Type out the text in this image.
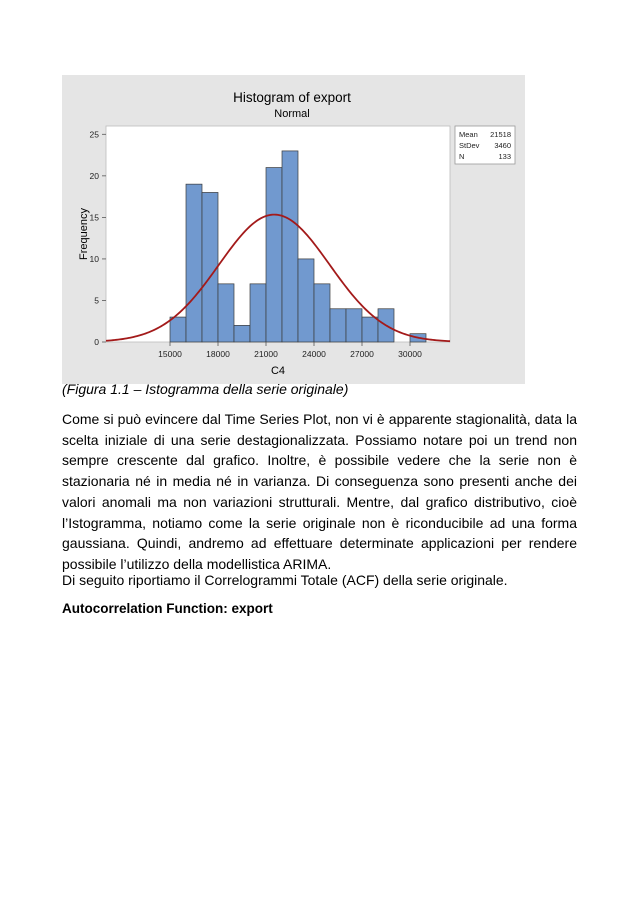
Histogram of export
Normal
15000	18000	21000	24000	27000	30000
0
5
10
15
20
25
C4
Frequency
Mean 21518
StDev 3460
N	133
(Figura 1.1 – Istogramma della serie originale)

Come si può evincere dal Time Series Plot, non vi è apparente stagionalità, data la scelta iniziale di una serie destagionalizzata. Possiamo notare poi un trend non sempre crescente dal grafico. Inoltre, è possibile vedere che la serie non è stazionaria né in media né in varianza. Di conseguenza sono presenti anche dei valori anomali ma non variazioni strutturali. Mentre, dal grafico distributivo, cioè l’Istogramma, notiamo come la serie originale non è riconducibile ad una forma gaussiana. Quindi, andremo ad effettuare determinate applicazioni per rendere possibile l’utilizzo della modellistica ARIMA.

Di seguito riportiamo il Correlogrammi Totale (ACF) della serie originale.

Autocorrelation Function: export
